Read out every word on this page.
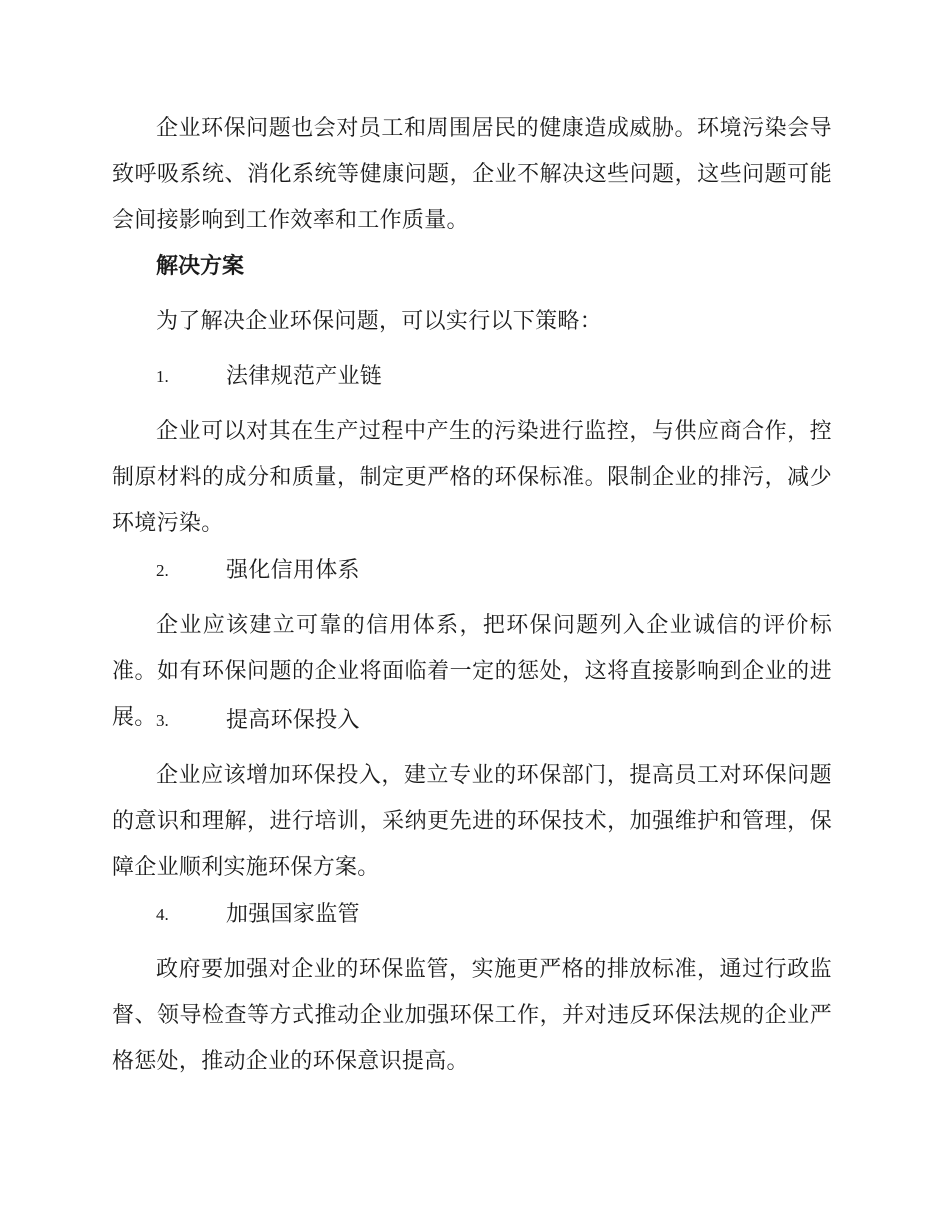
企业环保问题也会对员工和周围居民的健康造成威胁。环境污染会导致呼吸系统、消化系统等健康问题，企业不解决这些问题，这些问题可能会间接影响到工作效率和工作质量。

解决方案

为了解决企业环保问题，可以实行以下策略：

1.	法律规范产业链

企业可以对其在生产过程中产生的污染进行监控，与供应商合作，控制原材料的成分和质量，制定更严格的环保标准。限制企业的排污，减少环境污染。

2.	强化信用体系

企业应该建立可靠的信用体系，把环保问题列入企业诚信的评价标准。如有环保问题的企业将面临着一定的惩处，这将直接影响到企业的进展。 3.	提高环保投入

企业应该增加环保投入，建立专业的环保部门，提高员工对环保问题的意识和理解，进行培训，采纳更先进的环保技术，加强维护和管理，保障企业顺利实施环保方案。

4.	加强国家监管

政府要加强对企业的环保监管，实施更严格的排放标准，通过行政监督、领导检查等方式推动企业加强环保工作，并对违反环保法规的企业严格惩处，推动企业的环保意识提高。
